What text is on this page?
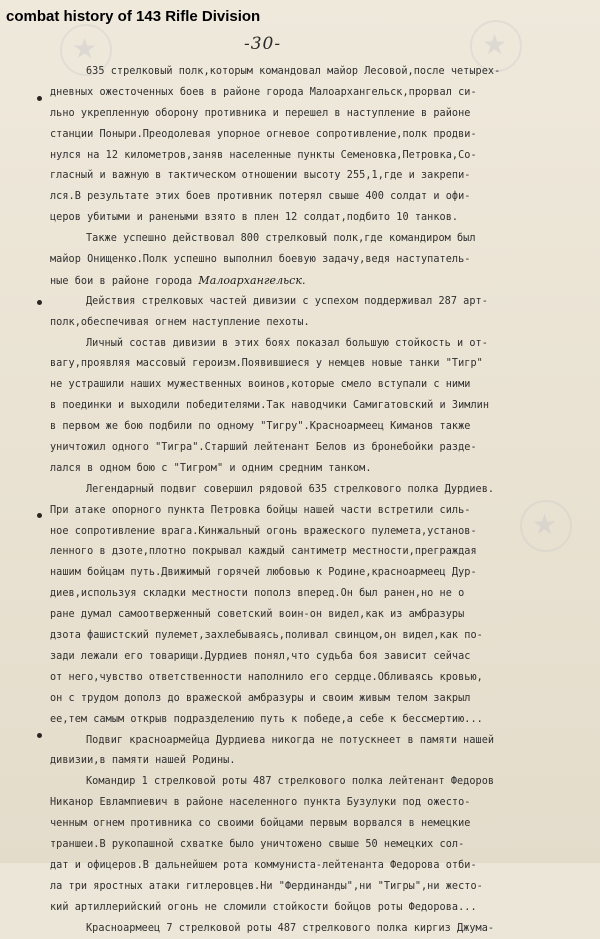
★
★
★
combat history of 143 Rifle Division
-30-
635 стрелковый полк,которым командовал майор Лесовой,после четырех-
дневных ожесточенных боев в районе города Малоархангельск,прорвал си-
льно укрепленную оборону противника и перешел в наступление в районе
станции Поныри.Преодолевая упорное огневое сопротивление,полк продви-
нулся на 12 километров,заняв населенные пункты Семеновка,Петровка,Со-
гласный и важную в тактическом отношении высоту 255,1,где и закрепи-
лся.В результате этих боев противник потерял свыше 400 солдат и офи-
церов убитыми и ранеными взято в плен 12 солдат,подбито 10 танков.
Также успешно действовал 800 стрелковый полк,где командиром был
майор Онищенко.Полк успешно выполнил боевую задачу,ведя наступатель-
ные бои в районе города Малоархангельск.
Действия стрелковых частей дивизии с успехом поддерживал 287 арт-
полк,обеспечивая огнем наступление пехоты.
Личный состав дивизии в этих боях показал большую стойкость и от-
вагу,проявляя массовый героизм.Появившиеся у немцев новые танки "Тигр"
не устрашили наших мужественных воинов,которые смело вступали с ними
в поединки и выходили победителями.Так наводчики Самигатовский и Зимлин
в первом же бою подбили по одному "Тигру".Красноармеец Киманов также
уничтожил одного "Тигра".Старший лейтенант Белов из бронебойки разде-
лался в одном бою с "Тигром" и одним средним танком.
Легендарный подвиг совершил рядовой 635 стрелкового полка Дурдиев.
При атаке опорного пункта Петровка бойцы нашей части встретили силь-
ное сопротивление врага.Кинжальный огонь вражеского пулемета,установ-
ленного в дзоте,плотно покрывал каждый сантиметр местности,преграждая
нашим бойцам путь.Движимый горячей любовью к Родине,красноармеец Дур-
диев,используя складки местности пополз вперед.Он был ранен,но не о
ране думал самоотверженный советский воин-он видел,как из амбразуры
дзота фашистский пулемет,захлебываясь,поливал свинцом,он видел,как по-
зади лежали его товарищи.Дурдиев понял,что судьба боя зависит сейчас
от него,чувство ответственности наполнило его сердце.Обливаясь кровью,
он с трудом дополз до вражеской амбразуры и своим живым телом закрыл
ее,тем самым открыв подразделению путь к победе,а себе к бессмертию...
Подвиг красноармейца Дурдиева никогда не потускнеет в памяти нашей
дивизии,в памяти нашей Родины.
Командир 1 стрелковой роты 487 стрелкового полка лейтенант Федоров
Никанор Евлампиевич в районе населенного пункта Бузулуки под ожесто-
ченным огнем противника со своими бойцами первым ворвался в немецкие
траншеи.В рукопашной схватке было уничтожено свыше 50 немецких сол-
дат и офицеров.В дальнейшем рота коммуниста-лейтенанта Федорова отби-
ла три яростных атаки гитлеровцев.Ни "Фердинанды",ни "Тигры",ни жесто-
кий артиллерийский огонь не сломили стойкости бойцов роты Федорова...
Красноармеец 7 стрелковой роты 487 стрелкового полка киргиз Джума-
